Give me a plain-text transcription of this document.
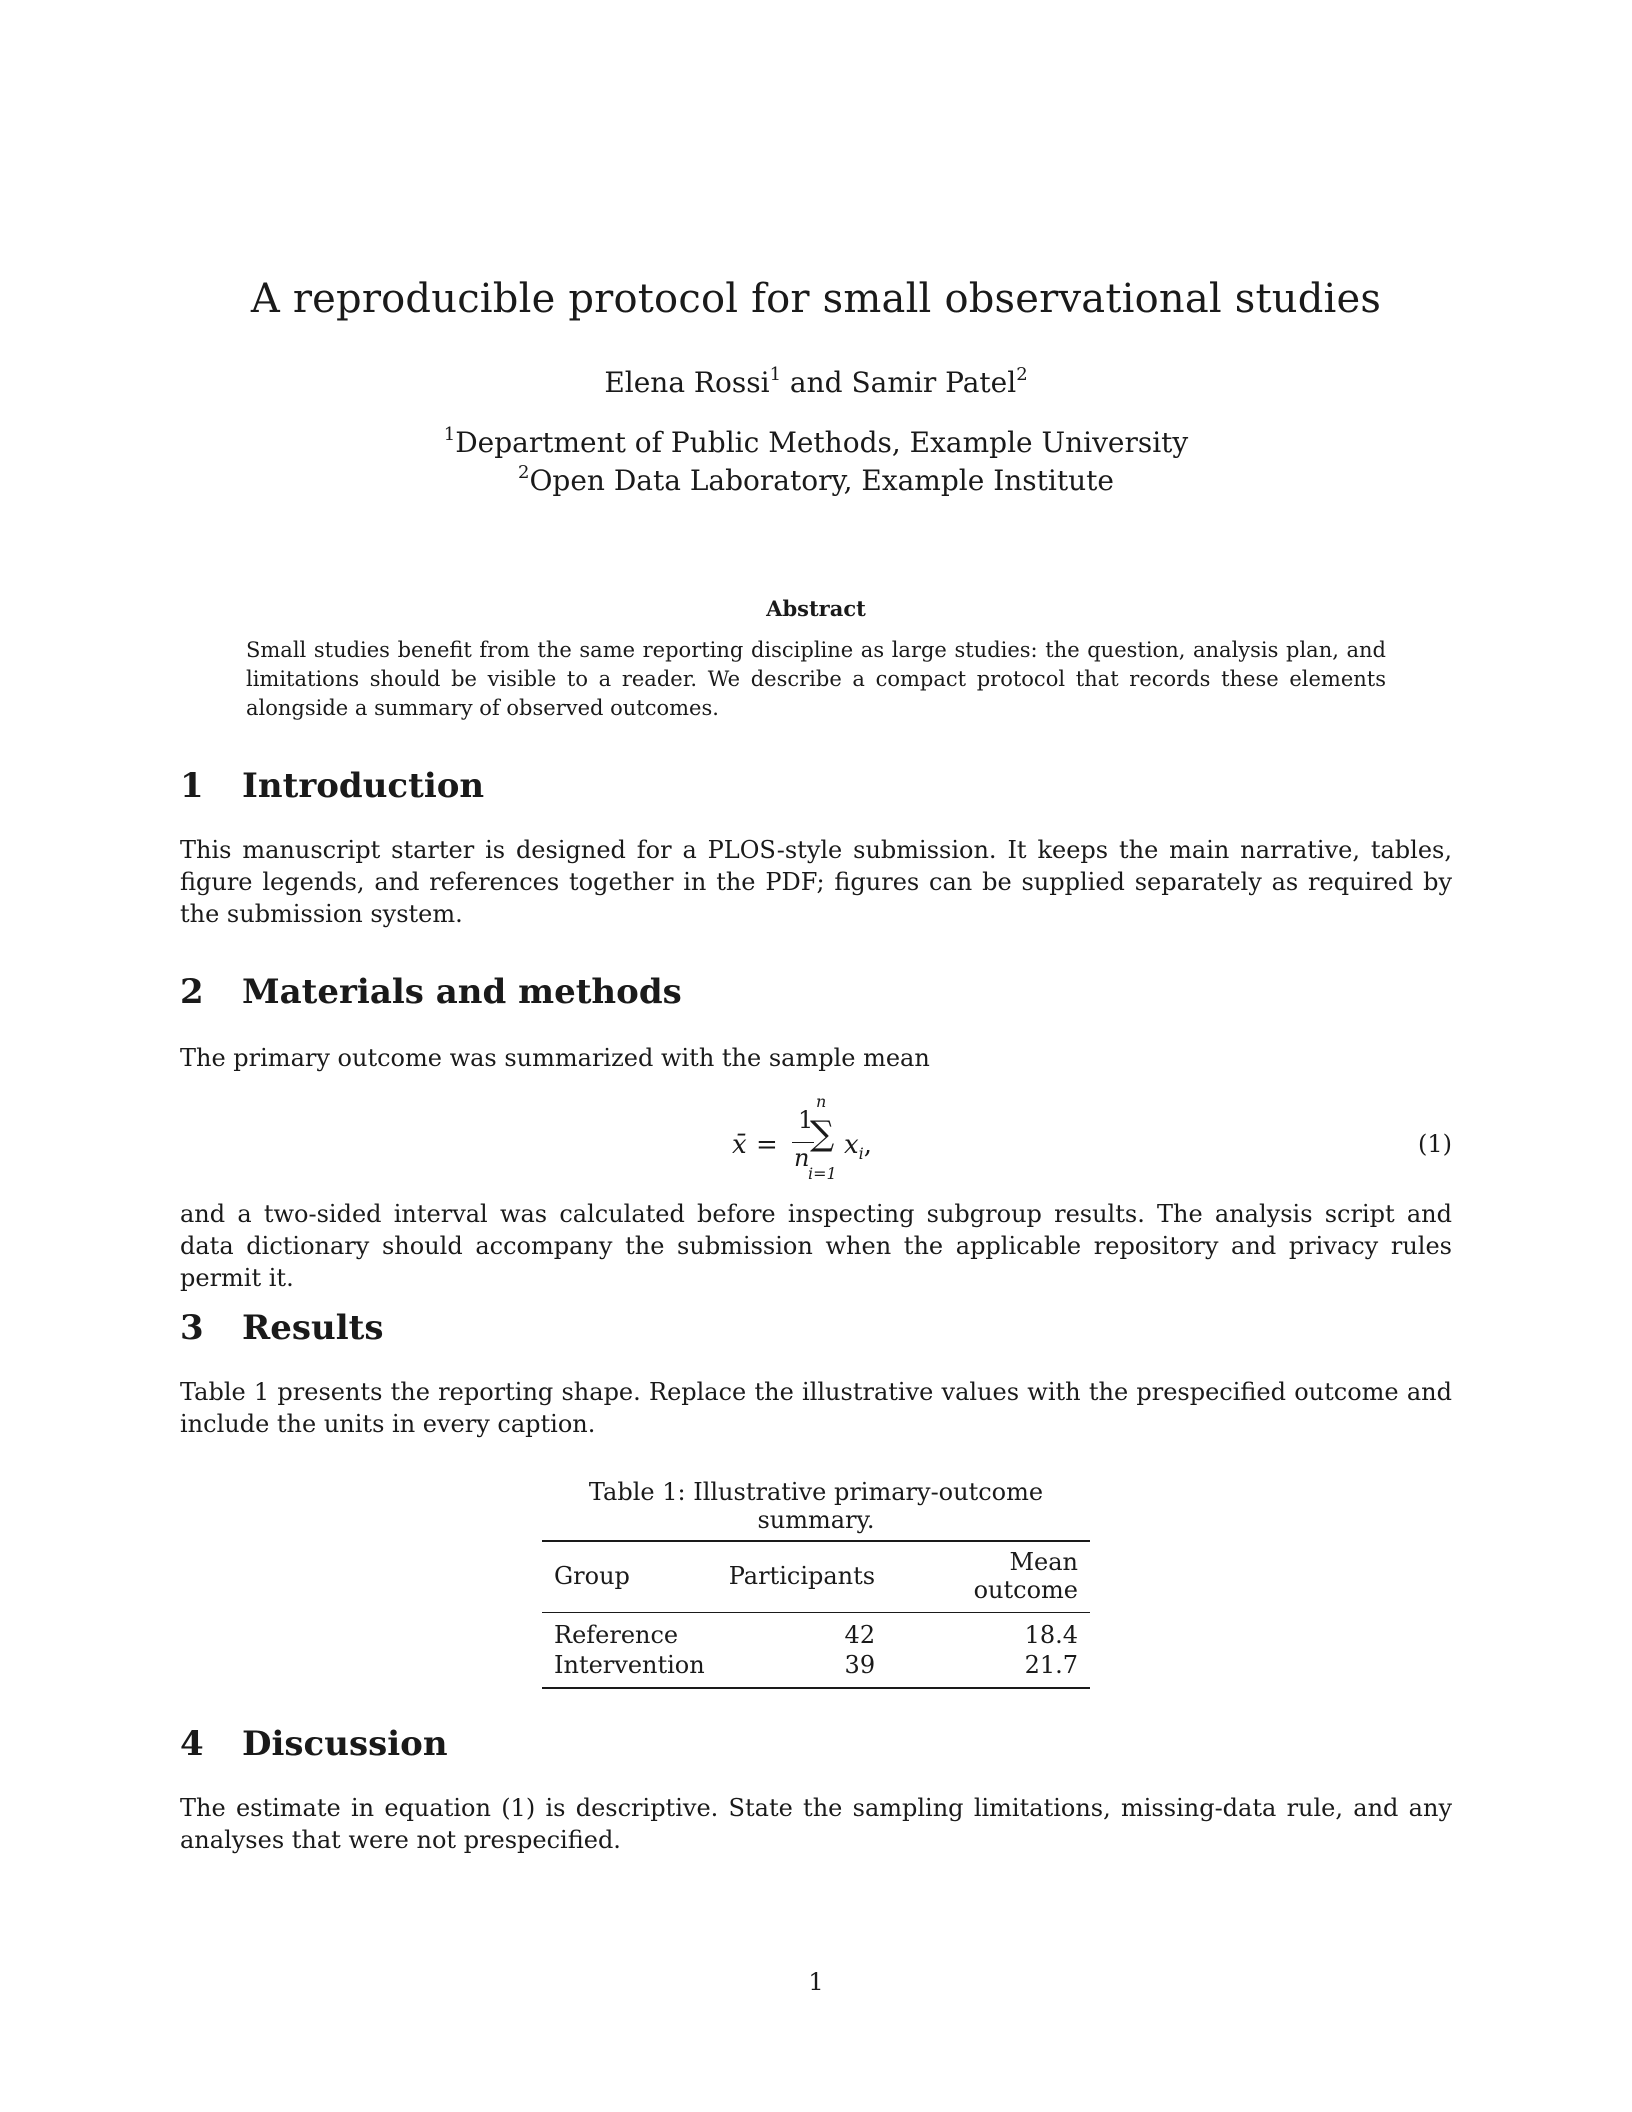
A reproducible protocol for small observational studies
Elena Rossi$^1$ and Samir Patel$^2$
$^1$Department of Public Methods, Example University
$^2$Open Data Laboratory, Example Institute
Abstract
Small studies benefit from the same reporting discipline as large studies: the question, analysis plan, and limitations should be visible to a reader. We describe a compact protocol that records these elements alongside a summary of observed outcomes.
1 Introduction
This manuscript starter is designed for a PLOS-style submission. It keeps the main narrative, tables, figure legends, and references together in the PDF; figures can be supplied separately as required by the submission system.
2 Materials and methods
The primary outcome was summarized with the sample mean
x̄ =
1
n
n
∑
i=1
$x_i$,	(1)
and a two-sided interval was calculated before inspecting subgroup results. The analysis script and data dictionary should accompany the submission when the applicable repository and privacy rules permit it.
3 Results
Table 1 presents the reporting shape. Replace the illustrative values with the prespecified outcome and include the units in every caption.
Table 1: Illustrative primary-outcome summary.
Group	Participants	Mean outcome
Reference	42	18.4
Intervention	39	21.7
4 Discussion
The estimate in equation (1) is descriptive. State the sampling limitations, missing-data rule, and any analyses that were not prespecified.
1
